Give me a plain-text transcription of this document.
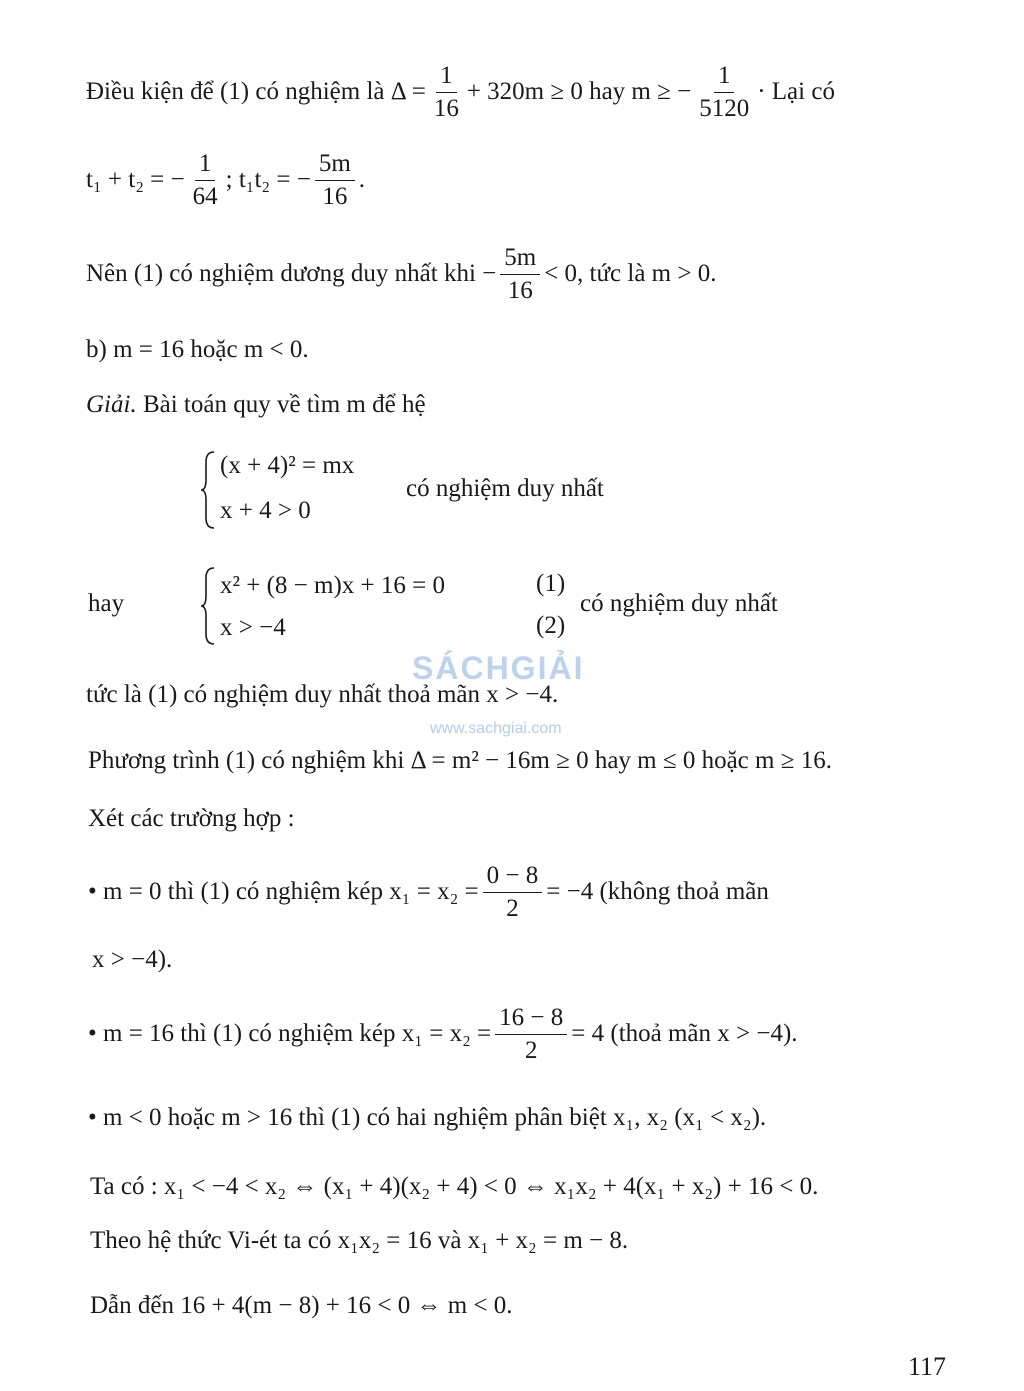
SÁCHGIẢI
www.sachgiai.com
Điều kiện để (1) có nghiệm là $\Delta = \frac{1}{16} + 320m \ge 0$ hay m ≥ − $\frac{1}{5120}$ · Lại có
t₁ + t₂ = − $\frac{1}{64}$ ; t₁t₂ = − $\frac{5m}{16}$ .
Nên (1) có nghiệm dương duy nhất khi − $\frac{5m}{16} < 0$, tức là m > 0.
b) m = 16 hoặc m < 0.
Giải. Bài toán quy về tìm m để hệ
(x + 4)² = mx
x + 4 > 0
có nghiệm duy nhất
hay
x² + (8 − m)x + 16 = 0
x > −4
(1)
(2)
có nghiệm duy nhất
tức là (1) có nghiệm duy nhất thoả mãn x > −4.
Phương trình (1) có nghiệm khi Δ = m² − 16m ≥ 0 hay m ≤ 0 hoặc m ≥ 16.
Xét các trường hợp :
• m = 0 thì (1) có nghiệm kép $x_1 = x_2 = \frac{0 - 8}{2} = -4$ (không thoả mãn
x > −4).
• m = 16 thì (1) có nghiệm kép $x_1 = x_2 = \frac{16 - 8}{2} = 4$ (thoả mãn x > −4).
• m < 0 hoặc m > 16 thì (1) có hai nghiệm phân biệt x₁, x₂ (x₁ < x₂).
Ta có : x₁ < −4 < x₂ ⇔ (x₁ + 4)(x₂ + 4) < 0 ⇔ x₁x₂ + 4(x₁ + x₂) + 16 < 0.
Theo hệ thức Vi-ét ta có x₁x₂ = 16 và x₁ + x₂ = m − 8.
Dẫn đến 16 + 4(m − 8) + 16 < 0 ⇔ m < 0.
117
